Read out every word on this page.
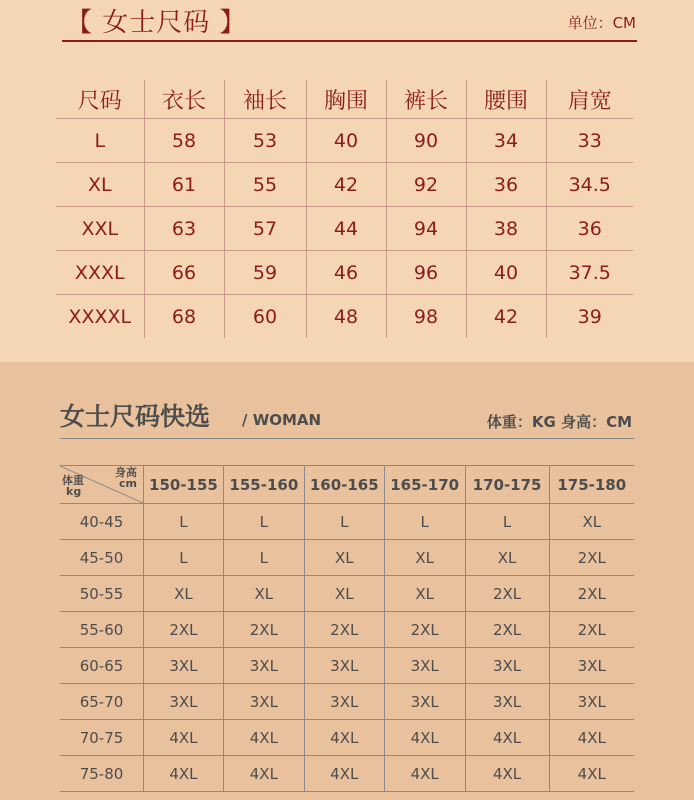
【 女士尺码 】	单位：CM
尺码	衣长	袖长	胸围	裤长	腰围	肩宽
L	58	53	40	90	34	33
XL	61	55	42	92	36	34.5
XXL	63	57	44	94	38	36
XXXL	66	59	46	96	40	37.5
XXXXL	68	60	48	98	42	39
女士尺码快选 / WOMAN	体重：KG 身高：CM
体重
kg
身高
cm	150-155	155-160	160-165	165-170	170-175	175-180
40-45	L	L	L	L	L	XL
45-50	L	L	XL	XL	XL	2XL
50-55	XL	XL	XL	XL	2XL	2XL
55-60	2XL	2XL	2XL	2XL	2XL	2XL
60-65	3XL	3XL	3XL	3XL	3XL	3XL
65-70	3XL	3XL	3XL	3XL	3XL	3XL
70-75	4XL	4XL	4XL	4XL	4XL	4XL
75-80	4XL	4XL	4XL	4XL	4XL	4XL
